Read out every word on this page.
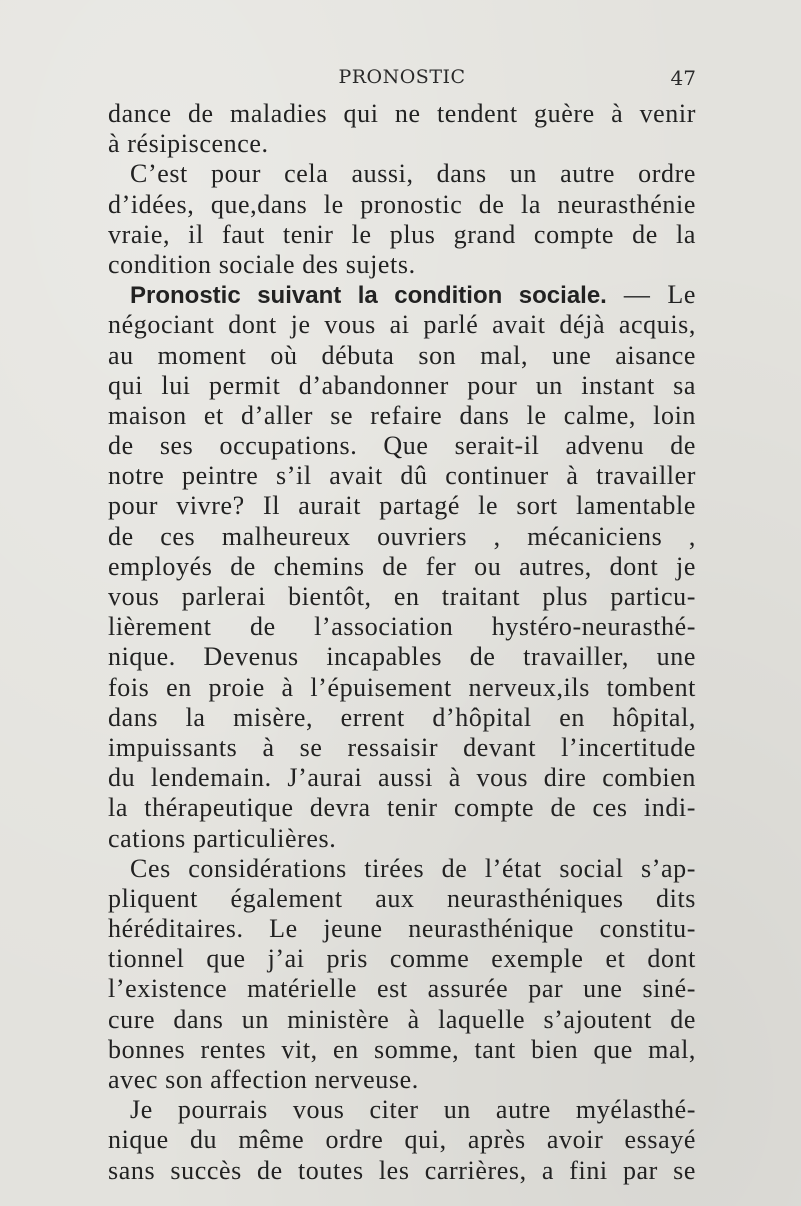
PRONOSTIC	47
dance de maladies qui ne tendent guère à venir
à résipiscence.
C’est pour cela aussi, dans un autre ordre
d’idées, que,dans le pronostic de la neurasthénie
vraie, il faut tenir le plus grand compte de la
condition sociale des sujets.
Pronostic suivant la condition sociale. — Le
négociant dont je vous ai parlé avait déjà acquis,
au moment où débuta son mal, une aisance
qui lui permit d’abandonner pour un instant sa
maison et d’aller se refaire dans le calme, loin
de ses occupations. Que serait-il advenu de
notre peintre s’il avait dû continuer à travailler
pour vivre? Il aurait partagé le sort lamentable
de ces malheureux ouvriers , mécaniciens ,
employés de chemins de fer ou autres, dont je
vous parlerai bientôt, en traitant plus particu-
lièrement de l’association hystéro-neurasthé-
nique. Devenus incapables de travailler, une
fois en proie à l’épuisement nerveux,ils tombent
dans la misère, errent d’hôpital en hôpital,
impuissants à se ressaisir devant l’incertitude
du lendemain. J’aurai aussi à vous dire combien
la thérapeutique devra tenir compte de ces indi-
cations particulières.
Ces considérations tirées de l’état social s’ap-
pliquent également aux neurasthéniques dits
héréditaires. Le jeune neurasthénique constitu-
tionnel que j’ai pris comme exemple et dont
l’existence matérielle est assurée par une siné-
cure dans un ministère à laquelle s’ajoutent de
bonnes rentes vit, en somme, tant bien que mal,
avec son affection nerveuse.
Je pourrais vous citer un autre myélasthé-
nique du même ordre qui, après avoir essayé
sans succès de toutes les carrières, a fini par se
